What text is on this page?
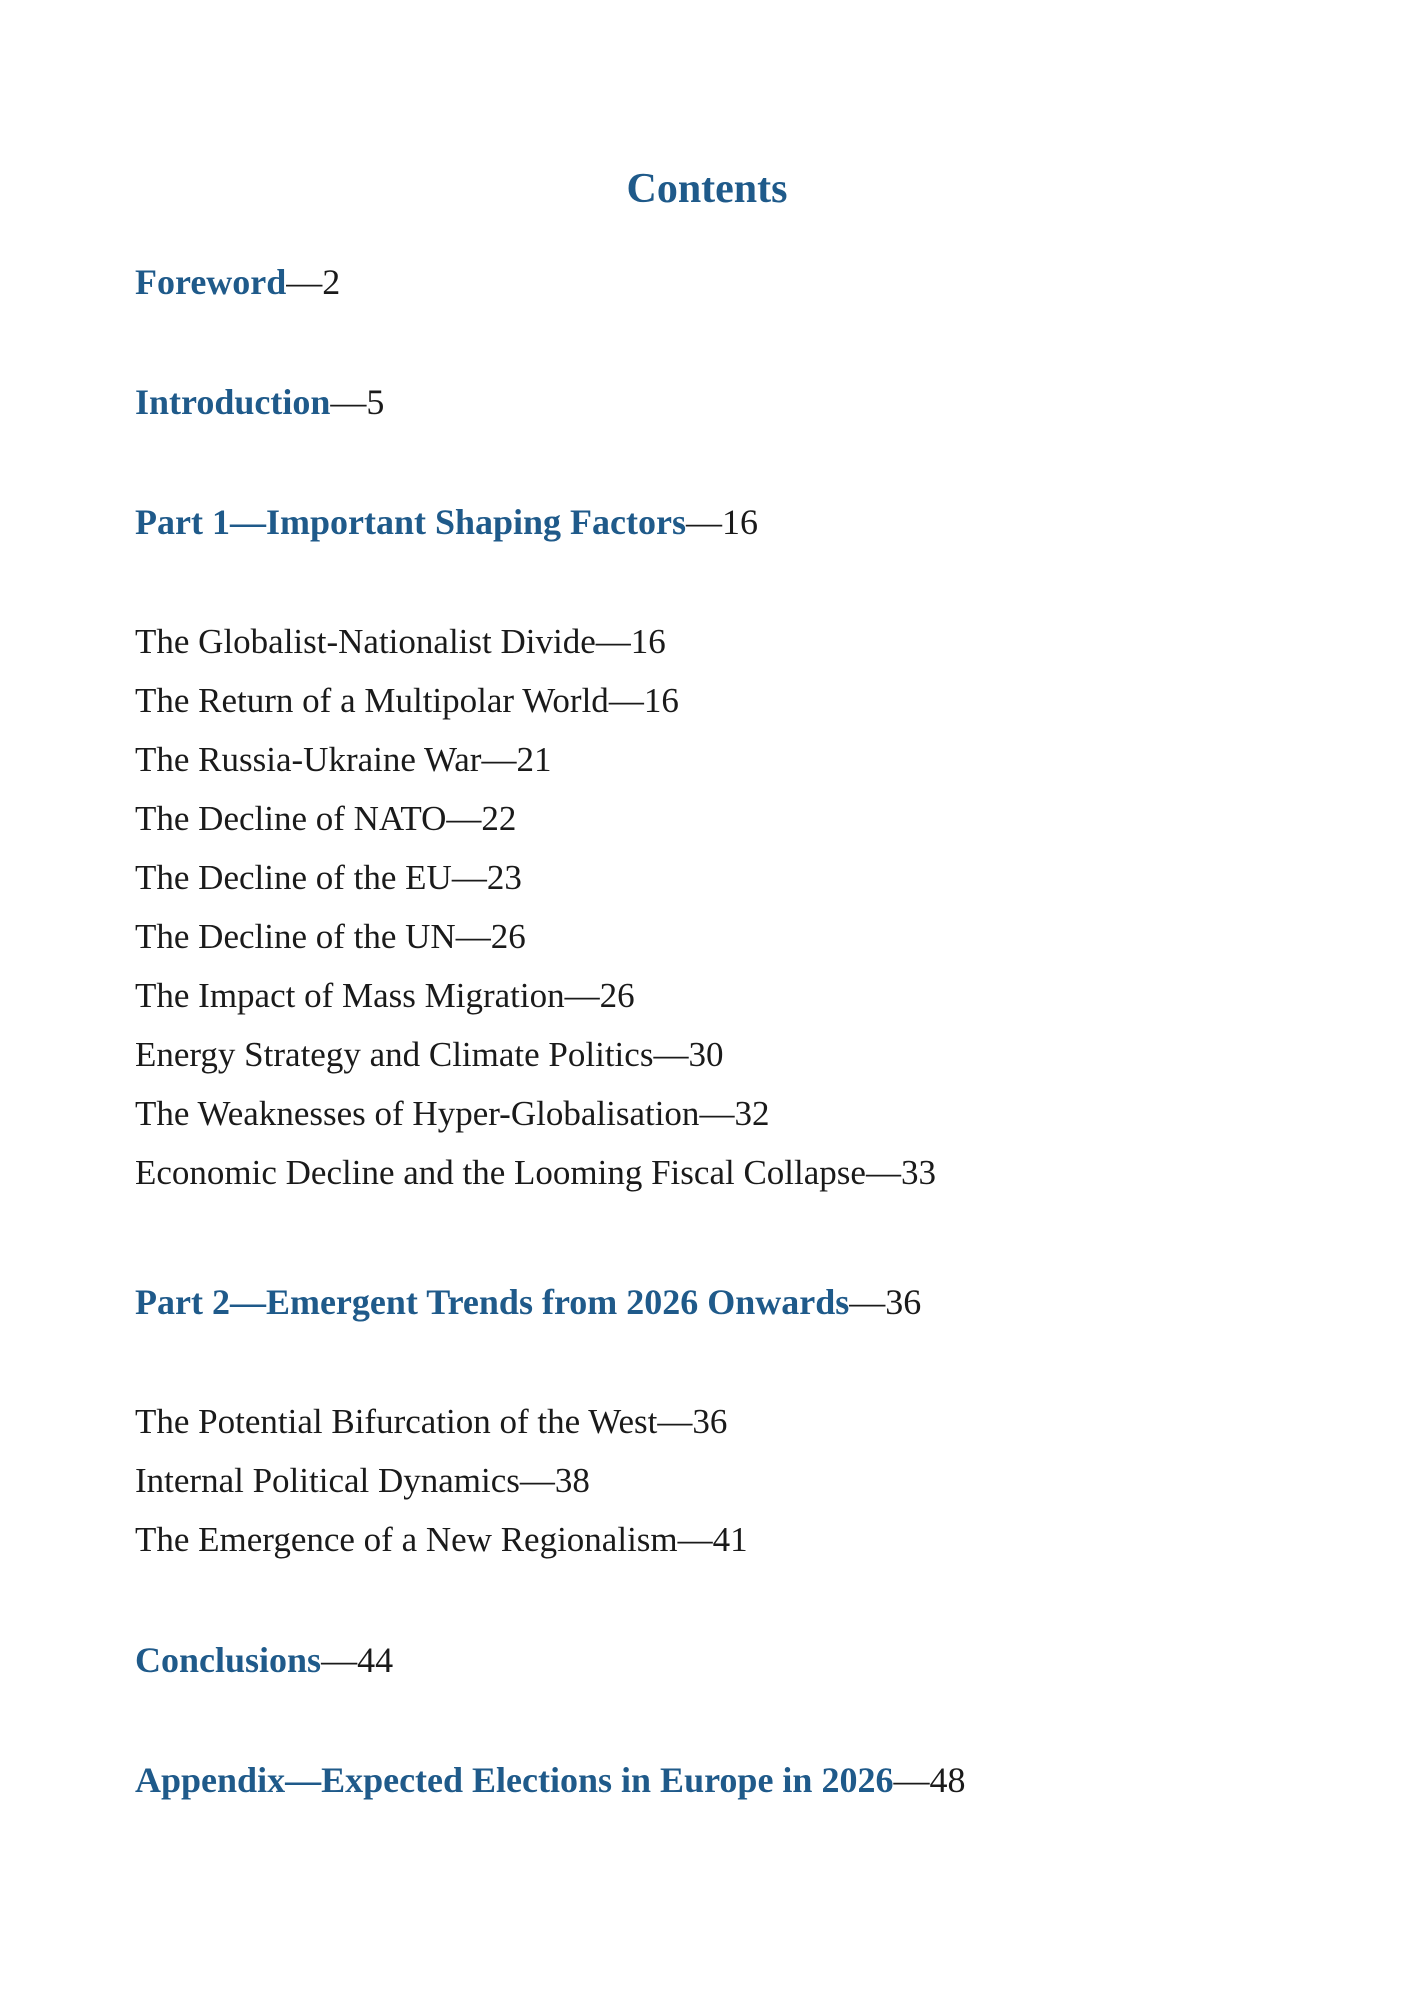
Contents
Foreword—2
Introduction—5
Part 1—Important Shaping Factors—16
The Globalist-Nationalist Divide—16
The Return of a Multipolar World—16
The Russia-Ukraine War—21
The Decline of NATO—22
The Decline of the EU—23
The Decline of the UN—26
The Impact of Mass Migration—26
Energy Strategy and Climate Politics—30
The Weaknesses of Hyper-Globalisation—32
Economic Decline and the Looming Fiscal Collapse—33
Part 2—Emergent Trends from 2026 Onwards—36
The Potential Bifurcation of the West—36
Internal Political Dynamics—38
The Emergence of a New Regionalism—41
Conclusions—44
Appendix—Expected Elections in Europe in 2026—48
